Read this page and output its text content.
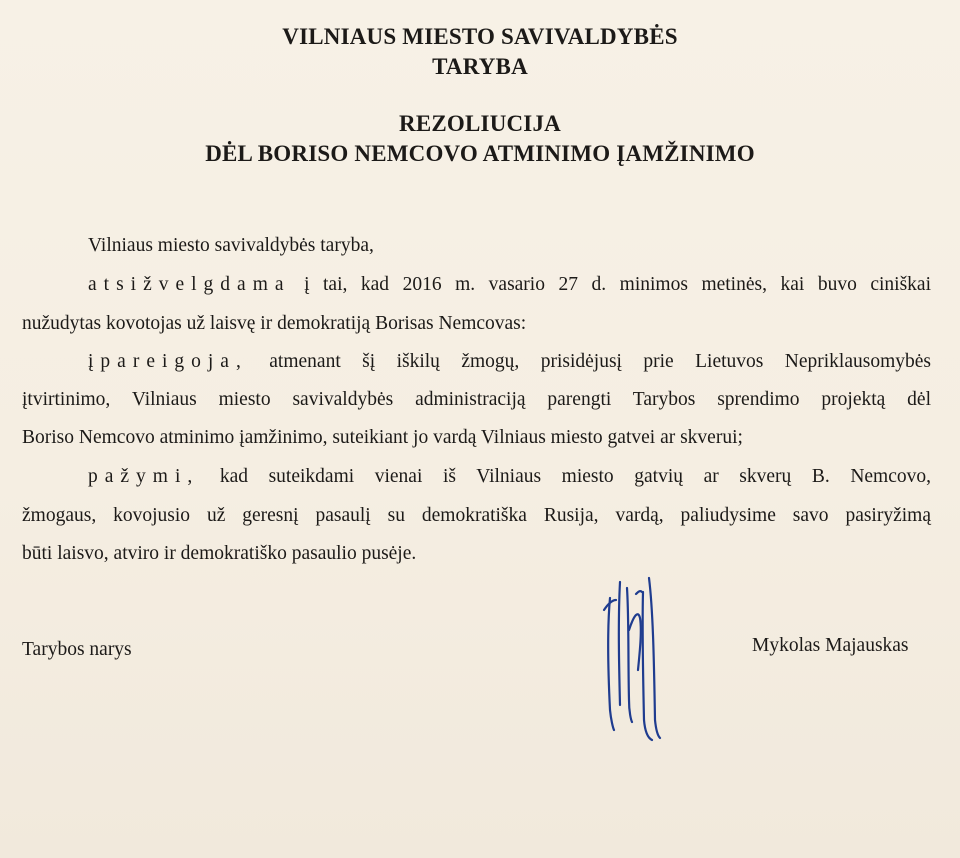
VILNIAUS MIESTO SAVIVALDYBĖS
TARYBA
REZOLIUCIJA
DĖL BORISO NEMCOVO ATMINIMO ĮAMŽINIMO
Vilniaus miesto savivaldybės taryba,
atsižvelgdama į tai, kad 2016 m. vasario 27 d. minimos metinės, kai buvo ciniškai
nužudytas kovotojas už laisvę ir demokratiją Borisas Nemcovas:
įpareigoja, atmenant šį iškilų žmogų, prisidėjusį prie Lietuvos Nepriklausomybės
įtvirtinimo, Vilniaus miesto savivaldybės administraciją parengti Tarybos sprendimo projektą dėl
Boriso Nemcovo atminimo įamžinimo, suteikiant jo vardą Vilniaus miesto gatvei ar skverui;
pažymi, kad suteikdami vienai iš Vilniaus miesto gatvių ar skverų B. Nemcovo,
žmogaus, kovojusio už geresnį pasaulį su demokratiška Rusija, vardą, paliudysime savo pasiryžimą
būti laisvo, atviro ir demokratiško pasaulio pusėje.
Tarybos narys	Mykolas Majauskas
